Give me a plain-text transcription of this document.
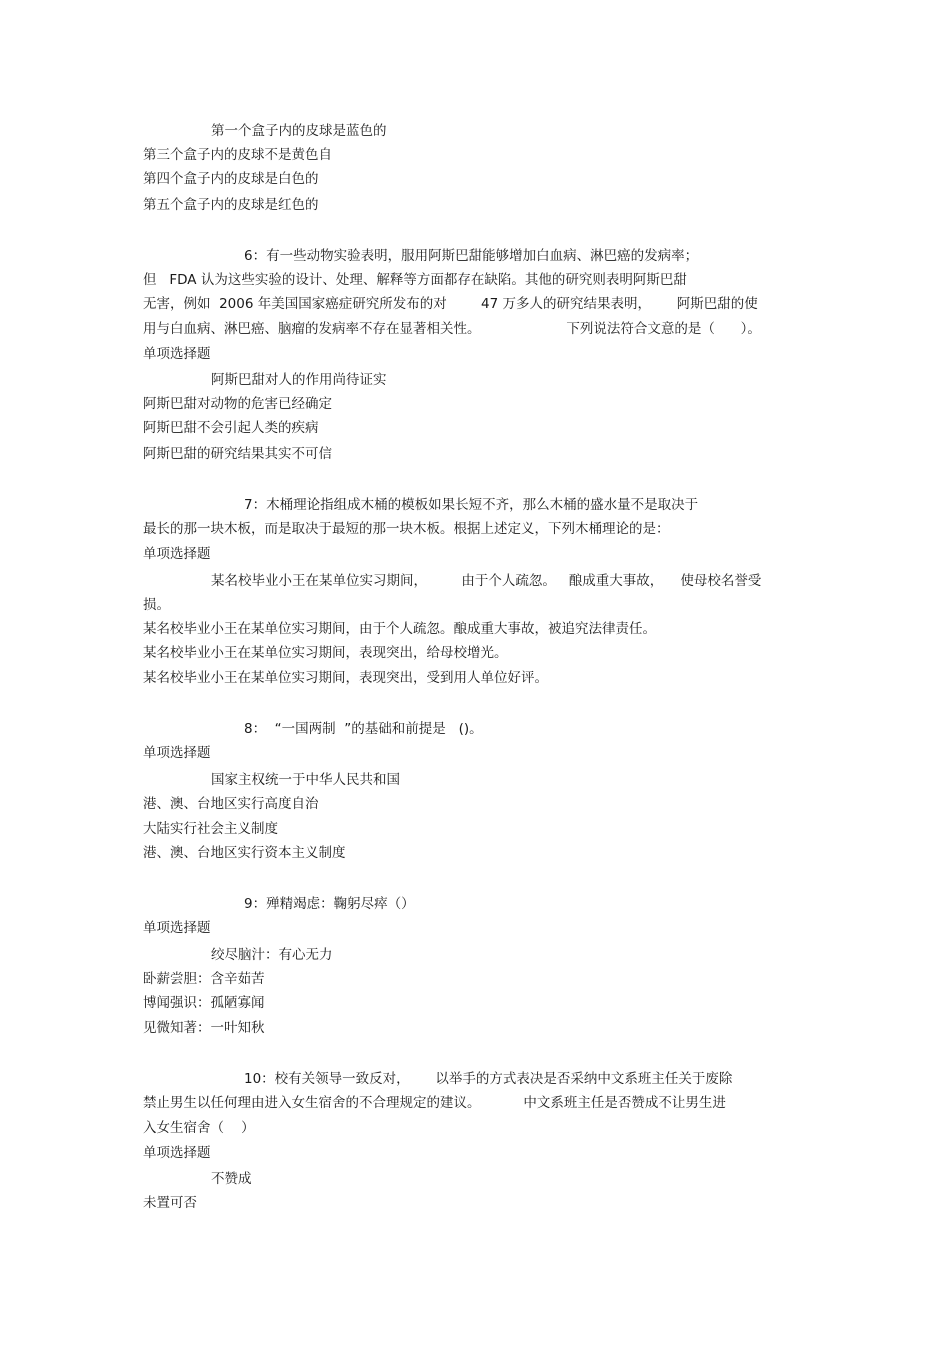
第一个盒子内的皮球是蓝色的
第三个盒子内的皮球不是黄色自
第四个盒子内的皮球是白色的
第五个盒子内的皮球是红色的
6：有一些动物实验表明，服用阿斯巴甜能够增加白血病、淋巴癌的发病率；
但   FDA 认为这些实验的设计、处理、解释等方面都存在缺陷。其他的研究则表明阿斯巴甜
无害，例如  2006 年美国国家癌症研究所发布的对        47 万多人的研究结果表明，      阿斯巴甜的使
用与白血病、淋巴癌、脑瘤的发病率不存在显著相关性。                    下列说法符合文意的是（      ）。
单项选择题
阿斯巴甜对人的作用尚待证实
阿斯巴甜对动物的危害已经确定
阿斯巴甜不会引起人类的疾病
阿斯巴甜的研究结果其实不可信
7：木桶理论指组成木桶的模板如果长短不齐，那么木桶的盛水量不是取决于
最长的那一块木板，而是取决于最短的那一块木板。根据上述定义，下列木桶理论的是：
单项选择题
某名校毕业小王在某单位实习期间，        由于个人疏忽。   酿成重大事故，    使母校名誉受
损。
某名校毕业小王在某单位实习期间，由于个人疏忽。酿成重大事故，被追究法律责任。
某名校毕业小王在某单位实习期间，表现突出，给母校增光。
某名校毕业小王在某单位实习期间，表现突出，受到用人单位好评。
8：  “一国两制  ”的基础和前提是   ()。
单项选择题
国家主权统一于中华人民共和国
港、澳、台地区实行高度自治
大陆实行社会主义制度
港、澳、台地区实行资本主义制度
9：殚精竭虑：鞠躬尽瘁（）
单项选择题
绞尽脑汁：有心无力
卧薪尝胆：含辛茹苦
博闻强识：孤陋寡闻
见微知著：一叶知秋
10：校有关领导一致反对，      以举手的方式表决是否采纳中文系班主任关于废除
禁止男生以任何理由进入女生宿舍的不合理规定的建议。          中文系班主任是否赞成不让男生进
入女生宿舍（    ）
单项选择题
不赞成
未置可否
